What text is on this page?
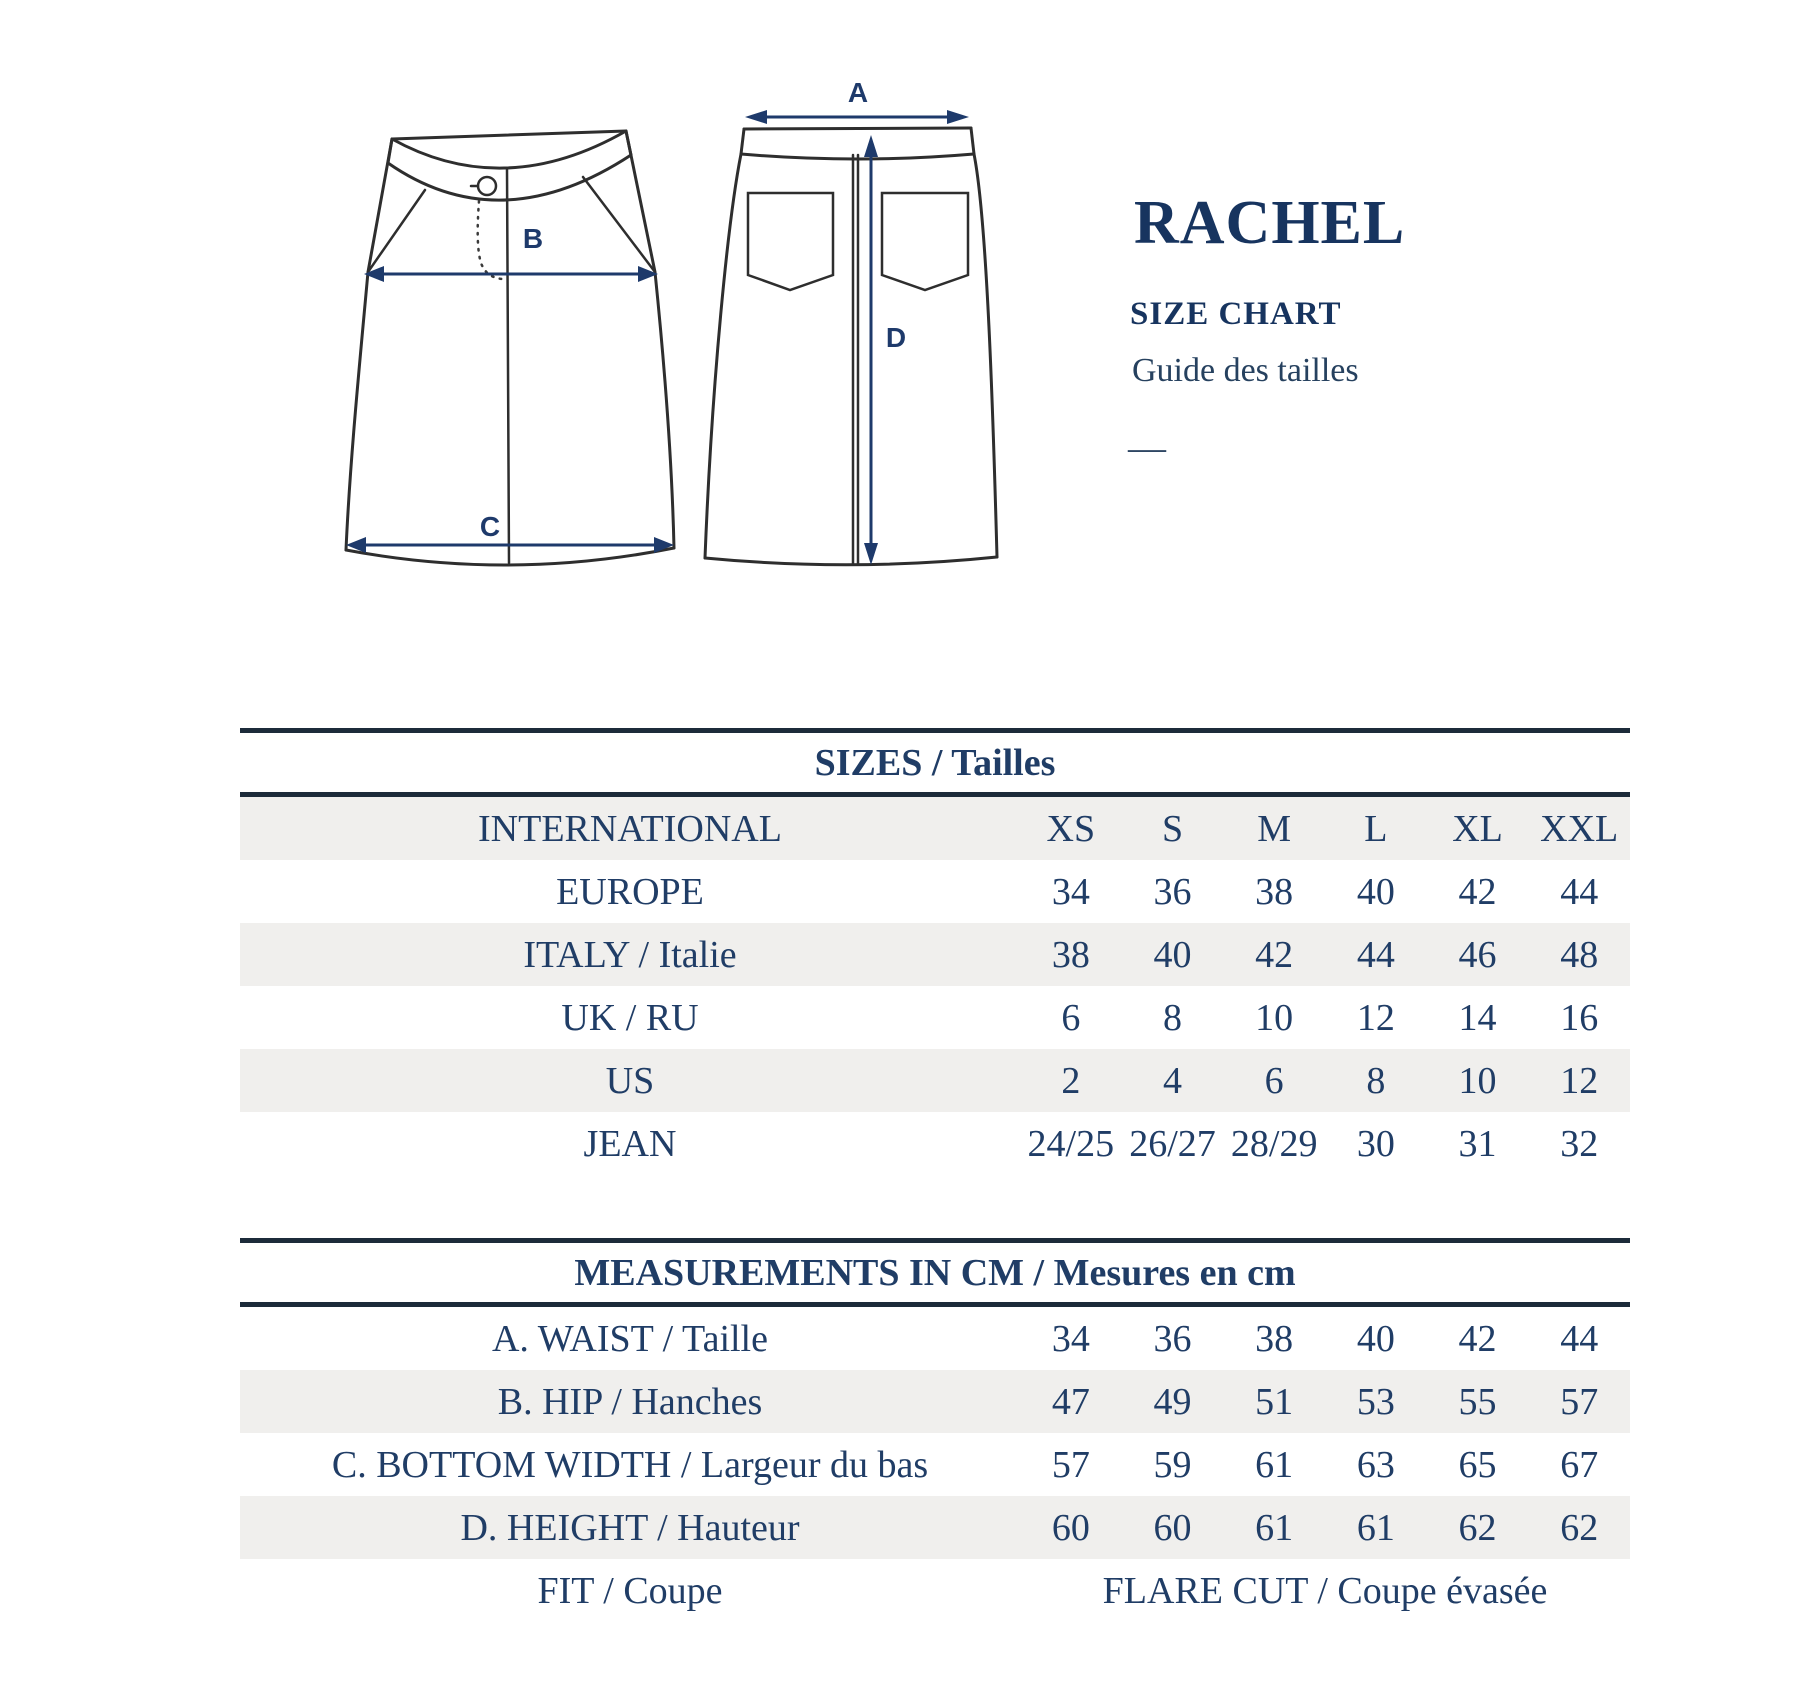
B
C
A
D
RACHEL
SIZE CHART
Guide des tailles
—
SIZES / Tailles
INTERNATIONAL	XS	S	M	L	XL XXL
EUROPE	34	36	38	40	42	44
ITALY / Italie	38	40	42	44	46	48
UK / RU	6	8	10	12	14	16
US	2	4	6	8	10	12
JEAN	24/25 26/27 28/29	30	31	32
MEASUREMENTS IN CM / Mesures en cm
A. WAIST / Taille	34	36	38	40	42	44
B. HIP / Hanches	47	49	51	53	55	57
C. BOTTOM WIDTH / Largeur du bas	57	59	61	63	65	67
D. HEIGHT / Hauteur	60	60	61	61	62	62
FIT / Coupe	FLARE CUT / Coupe évasée
